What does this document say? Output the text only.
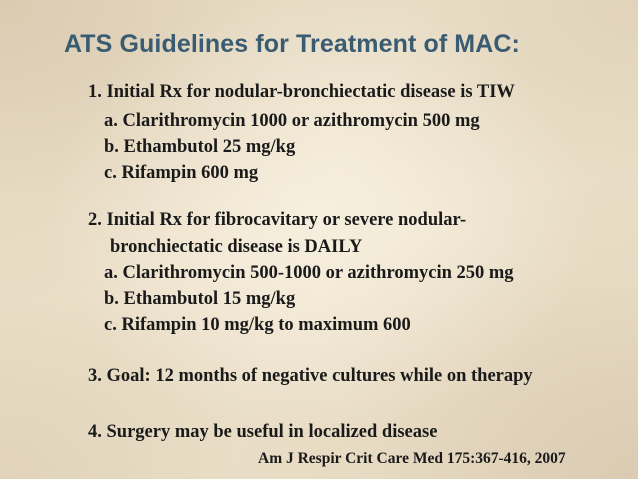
ATS Guidelines for Treatment of MAC:
1. Initial Rx for nodular-bronchiectatic disease is TIW
a. Clarithromycin 1000 or azithromycin 500 mg
b. Ethambutol 25 mg/kg
c. Rifampin 600 mg
2. Initial Rx for fibrocavitary or severe nodular-
bronchiectatic disease is DAILY
a. Clarithromycin 500-1000 or azithromycin 250 mg
b. Ethambutol 15 mg/kg
c. Rifampin 10 mg/kg to maximum 600
3. Goal: 12 months of negative cultures while on therapy
4. Surgery may be useful in localized disease
Am J Respir Crit Care Med 175:367-416, 2007
